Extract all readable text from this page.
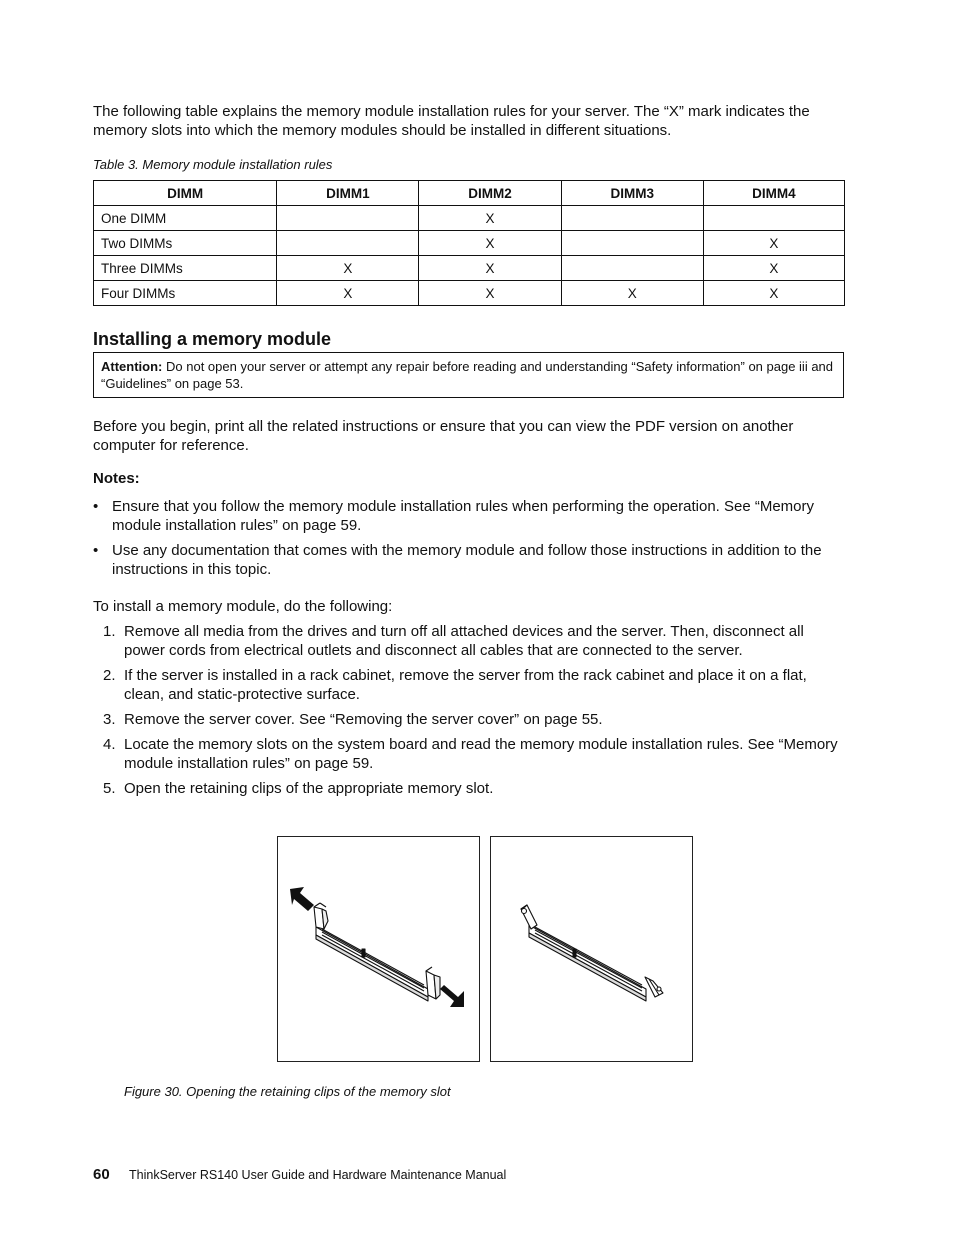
The following table explains the memory module installation rules for your server. The “X” mark indicates the memory slots into which the memory modules should be installed in different situations.
Table 3. Memory module installation rules
DIMM	DIMM1	DIMM2	DIMM3	DIMM4
One DIMM		X		
Two DIMMs		X		X
Three DIMMs	X	X		X
Four DIMMs	X	X	X	X
Installing a memory module
Attention: Do not open your server or attempt any repair before reading and understanding “Safety information” on page iii and “Guidelines” on page 53.
Before you begin, print all the related instructions or ensure that you can view the PDF version on another computer for reference.
Notes:
• Ensure that you follow the memory module installation rules when performing the operation. See “Memory module installation rules” on page 59.
• Use any documentation that comes with the memory module and follow those instructions in addition to the instructions in this topic.
To install a memory module, do the following:
1. Remove all media from the drives and turn off all attached devices and the server. Then, disconnect all power cords from electrical outlets and disconnect all cables that are connected to the server.
2. If the server is installed in a rack cabinet, remove the server from the rack cabinet and place it on a flat, clean, and static-protective surface.
3. Remove the server cover. See “Removing the server cover” on page 55.
4. Locate the memory slots on the system board and read the memory module installation rules. See “Memory module installation rules” on page 59.
5. Open the retaining clips of the appropriate memory slot.
Figure 30. Opening the retaining clips of the memory slot
60 ThinkServer RS140 User Guide and Hardware Maintenance Manual
